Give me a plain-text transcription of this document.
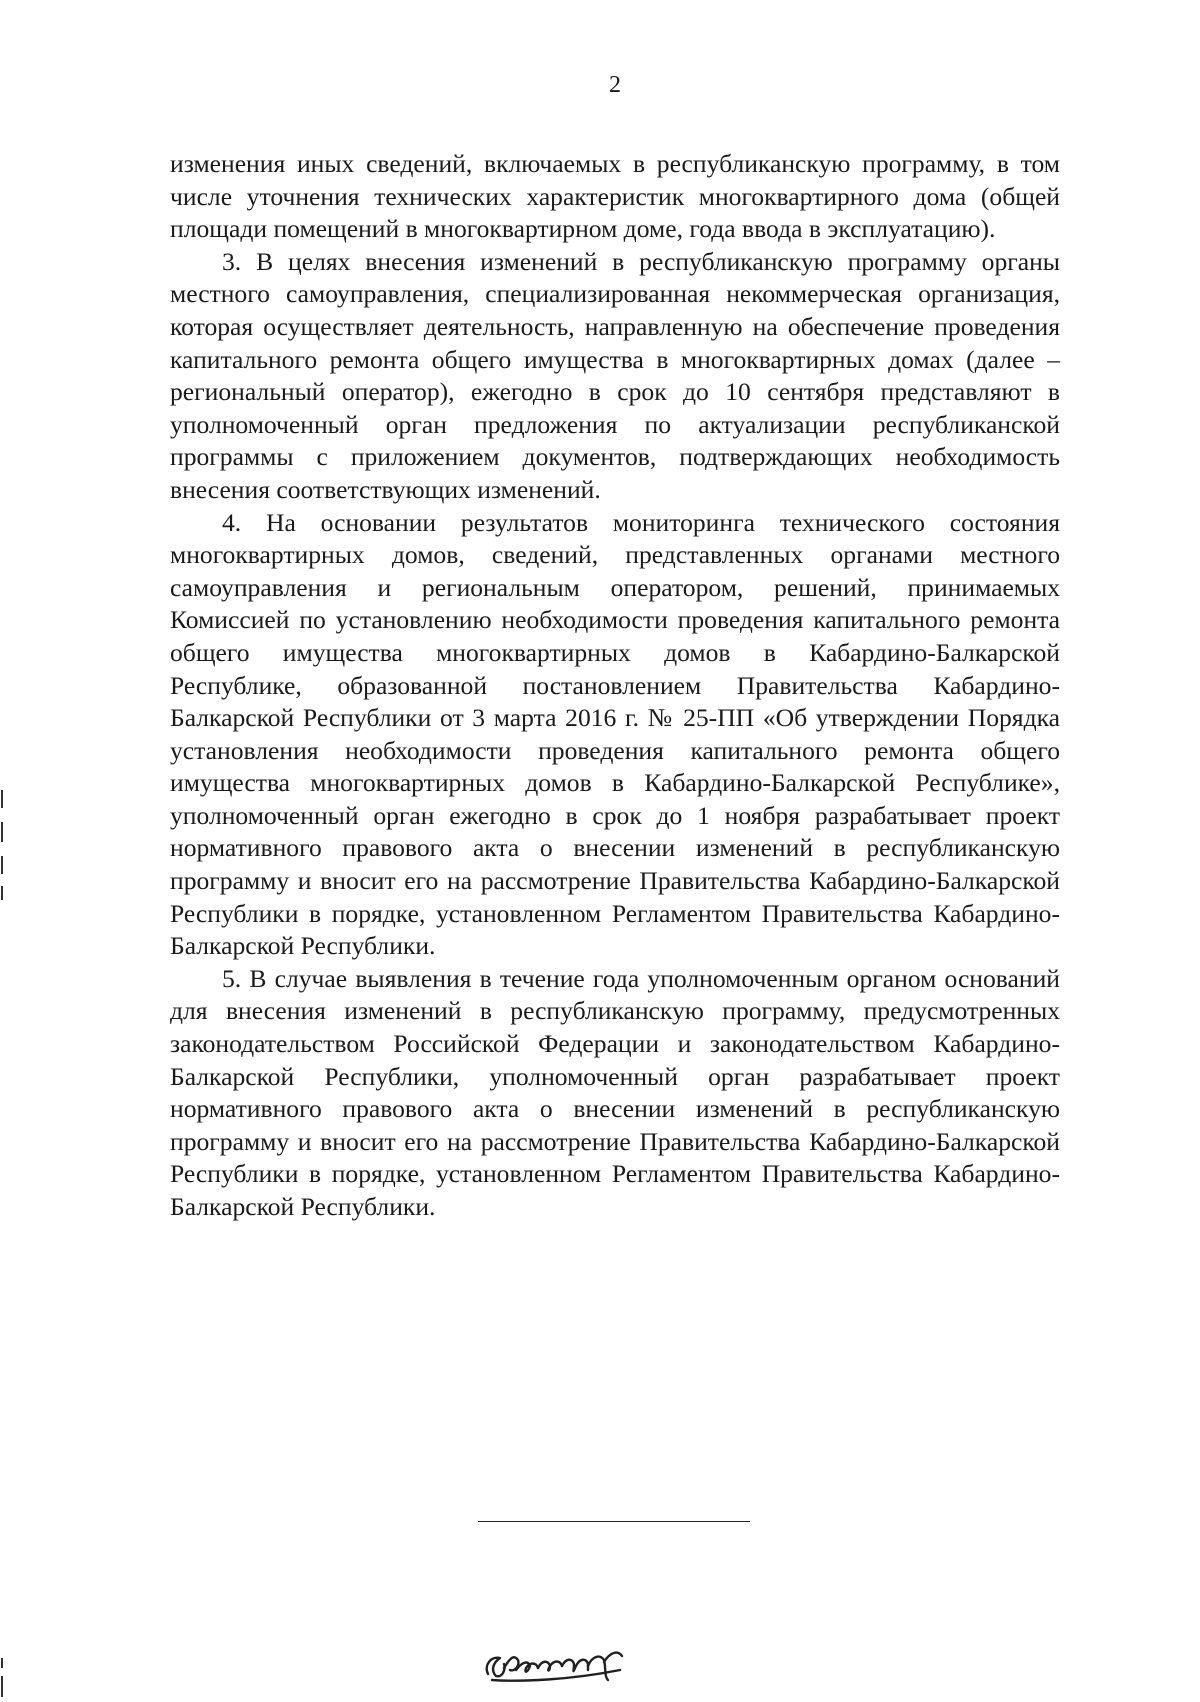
2

изменения иных сведений, включаемых в республиканскую программу, в том числе уточнения технических характеристик многоквартирного дома (общей площади помещений в многоквартирном доме, года ввода в эксплуатацию).

3. В целях внесения изменений в республиканскую программу органы местного самоуправления, специализированная некоммерческая организация, которая осуществляет деятельность, направленную на обеспечение проведения капитального ремонта общего имущества в многоквартирных домах (далее – региональный оператор), ежегодно в срок до 10 сентября представляют в уполномоченный орган предложения по актуализации республиканской программы с приложением документов, подтверждающих необходимость внесения соответствующих изменений.

4. На основании результатов мониторинга технического состояния многоквартирных домов, сведений, представленных органами местного самоуправления и региональным оператором, решений, принимаемых Комиссией по установлению необходимости проведения капитального ремонта общего имущества многоквартирных домов в Кабардино-Балкарской Республике, образованной постановлением Правительства Кабардино-Балкарской Республики от 3 марта 2016 г. № 25-ПП «Об утверждении Порядка установления необходимости проведения капитального ремонта общего имущества многоквартирных домов в Кабардино-Балкарской Республике», уполномоченный орган ежегодно в срок до 1 ноября разрабатывает проект нормативного правового акта о внесении изменений в республиканскую программу и вносит его на рассмотрение Правительства Кабардино-Балкарской Республики в порядке, установленном Регламентом Правительства Кабардино-Балкарской Республики.

5. В случае выявления в течение года уполномоченным органом оснований для внесения изменений в республиканскую программу, предусмотренных законодательством Российской Федерации и законодательством Кабардино-Балкарской Республики, уполномоченный орган разрабатывает проект нормативного правового акта о внесении изменений в республиканскую программу и вносит его на рассмотрение Правительства Кабардино-Балкарской Республики в порядке, установленном Регламентом Правительства Кабардино-Балкарской Республики.
